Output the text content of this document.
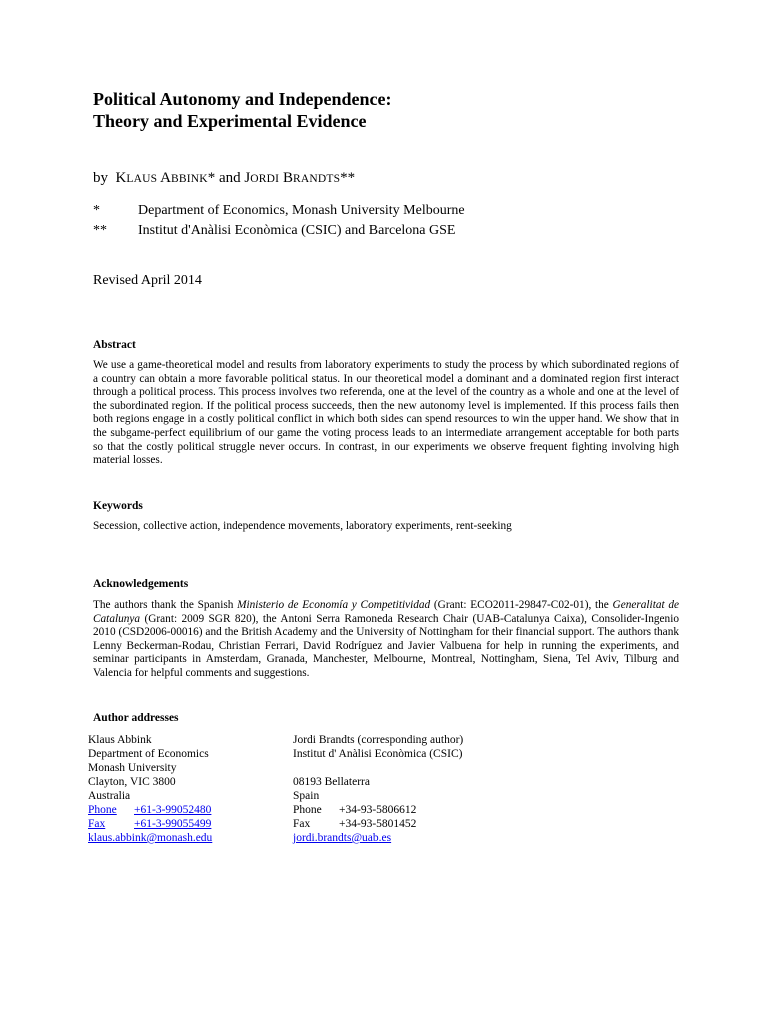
Political Autonomy and Independence:
Theory and Experimental Evidence
by KLAUS ABBINK* and JORDI BRANDTS**
*	Department of Economics, Monash University Melbourne
**	Institut d'Anàlisi Econòmica (CSIC) and Barcelona GSE
Revised April 2014
Abstract

We use a game-theoretical model and results from laboratory experiments to study the process by which subordinated regions of a country can obtain a more favorable political status. In our theoretical model a dominant and a dominated region first interact through a political process. This process involves two referenda, one at the level of the country as a whole and one at the level of the subordinated region. If the political process succeeds, then the new autonomy level is implemented. If this process fails then both regions engage in a costly political conflict in which both sides can spend resources to win the upper hand. We show that in the subgame-perfect equilibrium of our game the voting process leads to an intermediate arrangement acceptable for both parts so that the costly political struggle never occurs. In contrast, in our experiments we observe frequent fighting involving high material losses.

Keywords

Secession, collective action, independence movements, laboratory experiments, rent-seeking

Acknowledgements

The authors thank the Spanish Ministerio de Economía y Competitividad (Grant: ECO2011-29847-C02-01), the Generalitat de Catalunya (Grant: 2009 SGR 820), the Antoni Serra Ramoneda Research Chair (UAB-Catalunya Caixa), Consolider-Ingenio 2010 (CSD2006-00016) and the British Academy and the University of Nottingham for their financial support. The authors thank Lenny Beckerman-Rodau, Christian Ferrari, David Rodríguez and Javier Valbuena for help in running the experiments, and seminar participants in Amsterdam, Granada, Manchester, Melbourne, Montreal, Nottingham, Siena, Tel Aviv, Tilburg and Valencia for helpful comments and suggestions.

Author addresses
Klaus Abbink
Department of Economics
Monash University
Clayton, VIC 3800
Australia
Phone +61-3-99052480
Fax	+61-3-99055499
klaus.abbink@monash.edu
Jordi Brandts (corresponding author)
Institut d' Anàlisi Econòmica (CSIC)
08193 Bellaterra
Spain
Phone +34-93-5806612
Fax	+34-93-5801452
jordi.brandts@uab.es
